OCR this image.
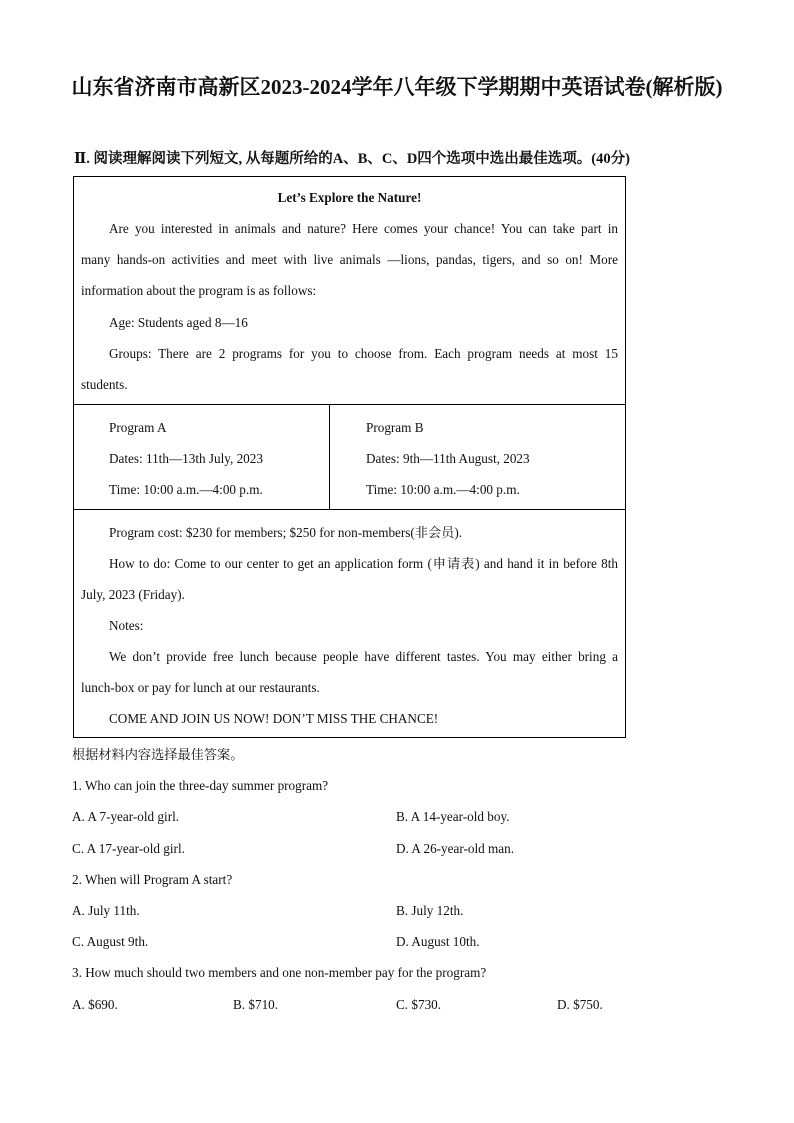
山东省济南市高新区2023-2024学年八年级下学期期中英语试卷(解析版)
Ⅱ. 阅读理解阅读下列短文, 从每题所给的A、B、C、D四个选项中选出最佳选项。(40分)

Let’s Explore the Nature!

Are you interested in animals and nature? Here comes your chance! You can take part in

many hands-on activities and meet with live animals —lions, pandas, tigers, and so on! More

information about the program is as follows:

Age: Students aged 8—16

Groups: There are 2 programs for you to choose from. Each program needs at most 15

students.

Program A

Dates: 11th—13th July, 2023

Time: 10:00 a.m.—4:00 p.m.

Program B

Dates: 9th—11th August, 2023

Time: 10:00 a.m.—4:00 p.m.

Program cost: $230 for members; $250 for non-members(非会员).

How to do: Come to our center to get an application form (申请表) and hand it in before 8th

July, 2023 (Friday).

Notes:

We don’t provide free lunch because people have different tastes. You may either bring a

lunch-box or pay for lunch at our restaurants.

COME AND JOIN US NOW! DON’T MISS THE CHANCE!

根据材料内容选择最佳答案。

1. Who can join the three-day summer program?

A. A 7-year-old girl.	B. A 14-year-old boy.

C. A 17-year-old girl.	D. A 26-year-old man.

2. When will Program A start?

A. July 11th.	B. July 12th.

C. August 9th.	D. August 10th.

3. How much should two members and one non-member pay for the program?

A. $690.	B. $710.	C. $730.	D. $750.
